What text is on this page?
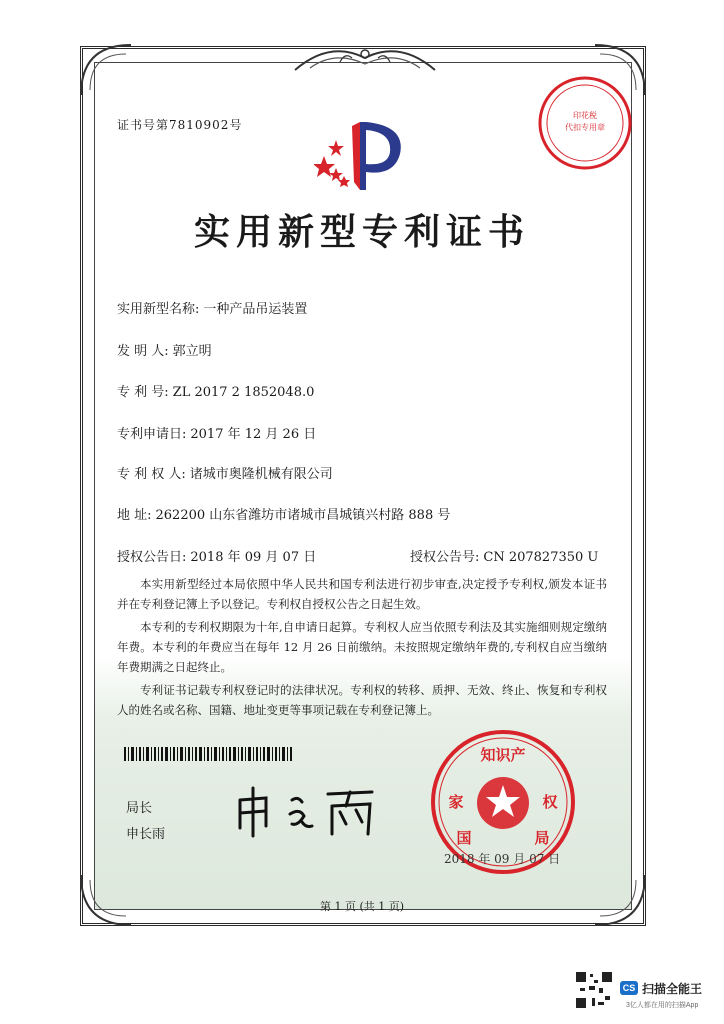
证书号第7810902号
印花税
代扣专用章
实用新型专利证书
实用新型名称: 一种产品吊运装置
发 明 人: 郭立明
专 利 号: ZL 2017 2 1852048.0
专利申请日: 2017 年 12 月 26 日
专 利 权 人: 诸城市奥隆机械有限公司
地 址: 262200 山东省潍坊市诸城市昌城镇兴村路 888 号
授权公告日: 2018 年 09 月 07 日	授权公告号: CN 207827350 U
本实用新型经过本局依照中华人民共和国专利法进行初步审查,决定授予专利权,颁发本证书并在专利登记簿上予以登记。专利权自授权公告之日起生效。
本专利的专利权期限为十年,自申请日起算。专利权人应当依照专利法及其实施细则规定缴纳年费。本专利的年费应当在每年 12 月 26 日前缴纳。未按照规定缴纳年费的,专利权自应当缴纳年费期满之日起终止。
专利证书记载专利权登记时的法律状况。专利权的转移、质押、无效、终止、恢复和专利权人的姓名或名称、国籍、地址变更等事项记载在专利登记簿上。
局长
申长雨
知识产
家	权
国	局
2018 年 09 月 07 日
第 1 页 (共 1 页)
CS 扫描全能王
3亿人都在用的扫描App
